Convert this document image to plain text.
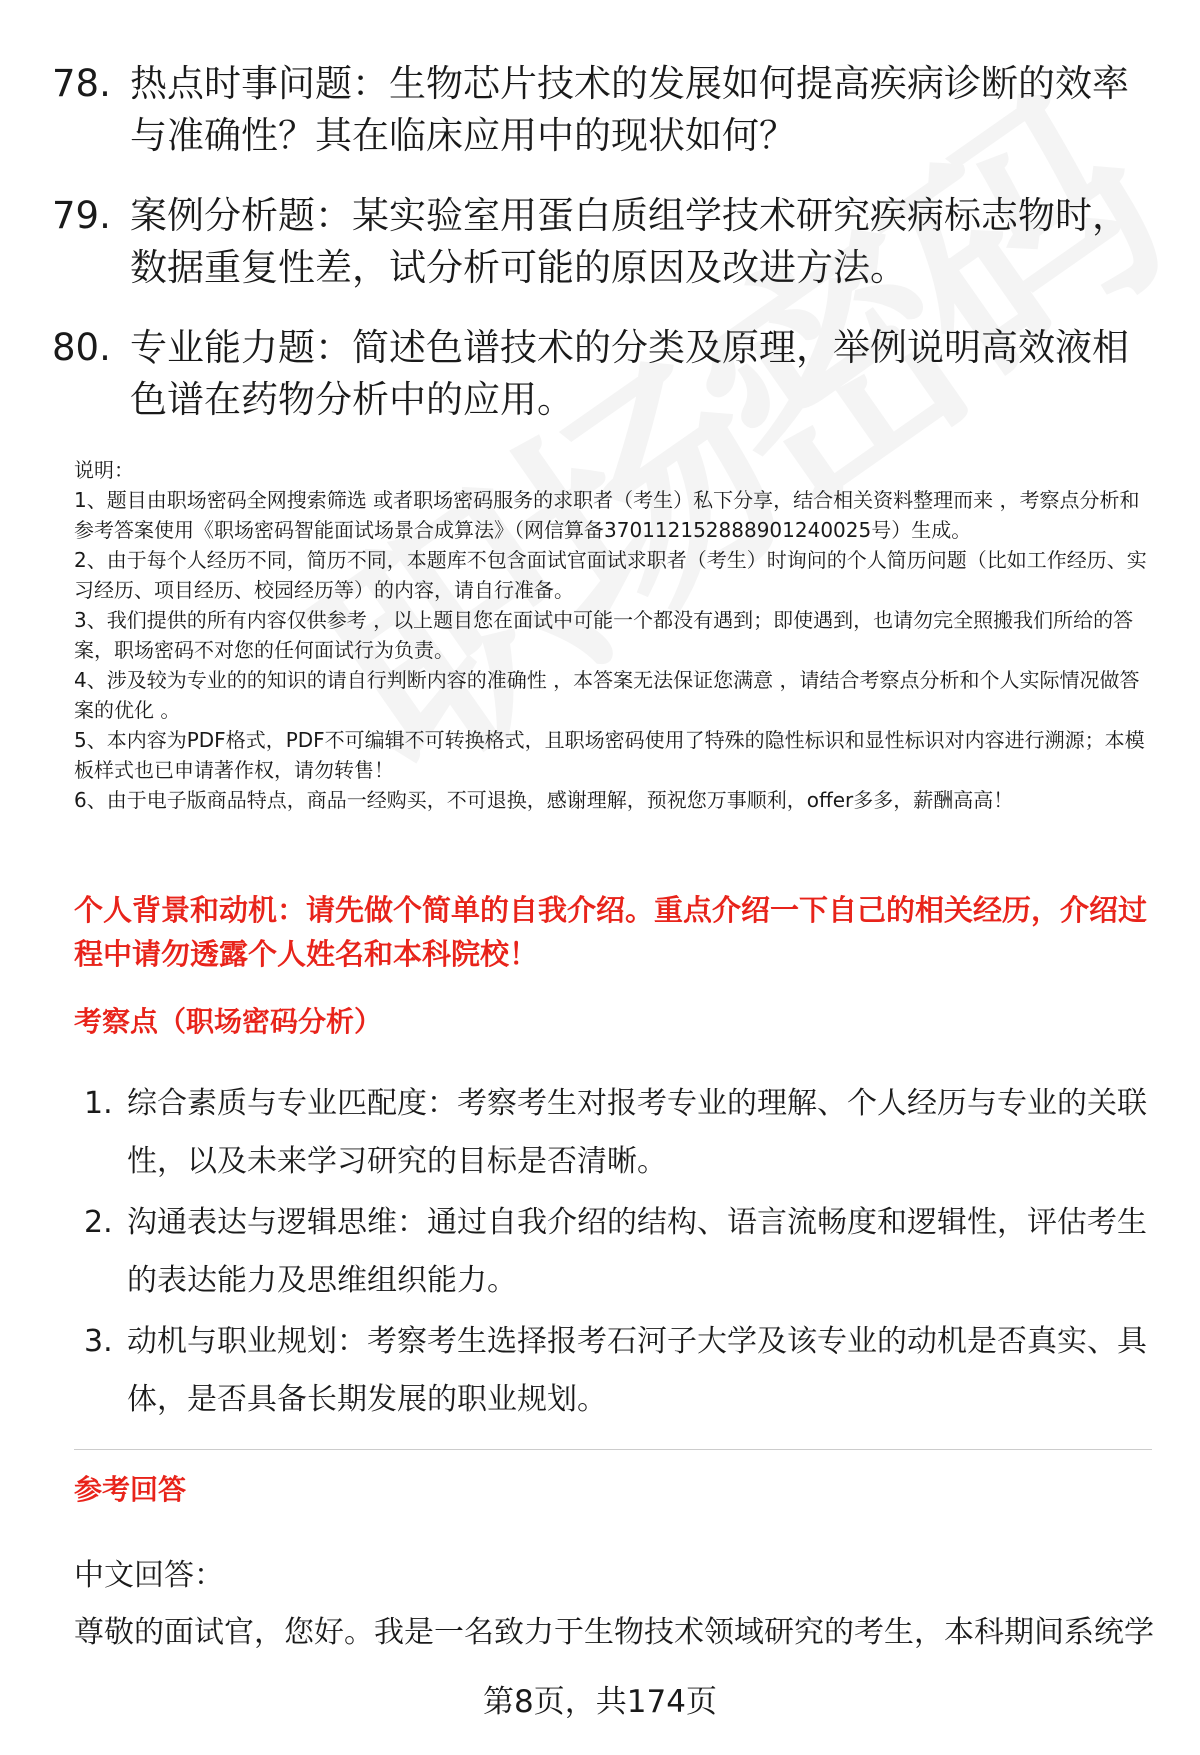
78. 热点时事问题：生物芯片技术的发展如何提高疾病诊断的效率与准确性？其在临床应用中的现状如何？
79. 案例分析题：某实验室用蛋白质组学技术研究疾病标志物时，数据重复性差，试分析可能的原因及改进方法。
80. 专业能力题：简述色谱技术的分类及原理，举例说明高效液相色谱在药物分析中的应用。

说明：

1、题目由职场密码全网搜索筛选 或者职场密码服务的求职者（考生）私下分享，结合相关资料整理而来 ，考察点分析和参考答案使用《职场密码智能面试场景合成算法》（网信算备370112152888901240025号）生成。

2、由于每个人经历不同，简历不同，本题库不包含面试官面试求职者（考生）时询问的个人简历问题（比如工作经历、实习经历、项目经历、校园经历等）的内容，请自行准备。

3、我们提供的所有内容仅供参考 ，以上题目您在面试中可能一个都没有遇到；即使遇到，也请勿完全照搬我们所给的答案，职场密码不对您的任何面试行为负责。

4、涉及较为专业的的知识的请自行判断内容的准确性 ，本答案无法保证您满意 ，请结合考察点分析和个人实际情况做答案的优化 。

5、本内容为PDF格式，PDF不可编辑不可转换格式，且职场密码使用了特殊的隐性标识和显性标识对内容进行溯源；本模板样式也已申请著作权，请勿转售！

6、由于电子版商品特点，商品一经购买，不可退换，感谢理解，预祝您万事顺利，offer多多，薪酬高高！

个人背景和动机：请先做个简单的自我介绍。重点介绍一下自己的相关经历，介绍过程中请勿透露个人姓名和本科院校！
考察点（职场密码分析）
1. 综合素质与专业匹配度：考察考生对报考专业的理解、个人经历与专业的关联性，以及未来学习研究的目标是否清晰。
2. 沟通表达与逻辑思维：通过自我介绍的结构、语言流畅度和逻辑性，评估考生的表达能力及思维组织能力。
3. 动机与职业规划：考察考生选择报考石河子大学及该专业的动机是否真实、具体，是否具备长期发展的职业规划。
参考回答
中文回答：
尊敬的面试官，您好。我是一名致力于生物技术领域研究的考生，本科期间系统学
第8页，共174页
